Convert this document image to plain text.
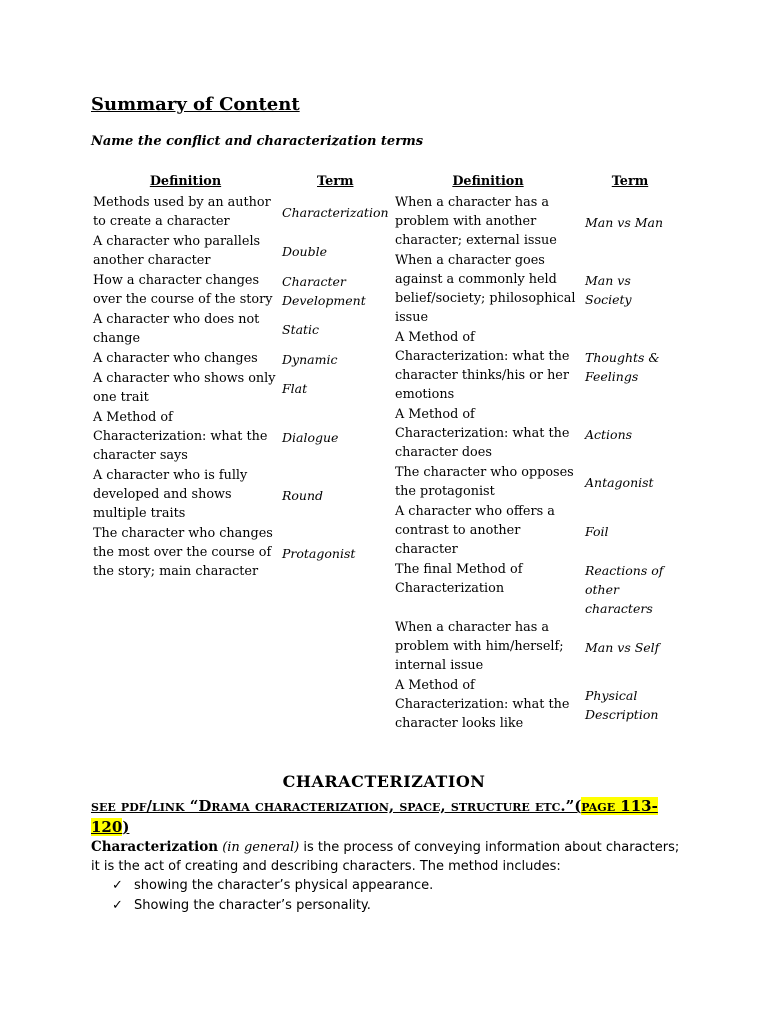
Summary of Content

Name the conflict and characterization terms

Definition	Term
Methods used by an author to create a character	Characterization
A character who parallels another character	Double
How a character changes over the course of the story	Character Development
A character who does not change	Static
A character who changes	Dynamic
A character who shows only one trait	Flat
A Method of Characterization: what the character says	Dialogue
A character who is fully developed and shows multiple traits	Round
The character who changes the most over the course of the story; main character	Protagonist
Definition	Term
When a character has a problem with another character; external issue	Man vs Man
When a character goes against a commonly held belief/society; philosophical issue	Man vs Society
A Method of Characterization: what the character thinks/his or her emotions	Thoughts & Feelings
A Method of Characterization: what the character does	Actions
The character who opposes the protagonist	Antagonist
A character who offers a contrast to another character	Foil
The final Method of Characterization	Reactions of other characters
When a character has a problem with him/herself; internal issue	Man vs Self
A Method of Characterization: what the character looks like	Physical Description
CHARACTERIZATION

see pdf/link “Drama characterization, space, structure etc.”(page 113-120)

Characterization (in general) is the process of conveying information about characters; it is the act of creating and describing characters. The method includes:

✓ showing the character’s physical appearance.
✓ Showing the character’s personality.
